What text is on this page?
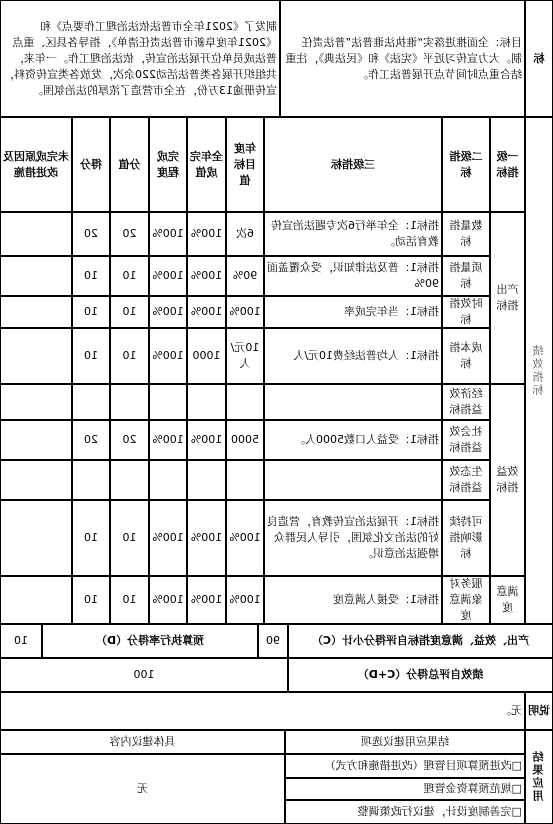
标
目标：全面推进落实“谁执法谁普法”普法责任制。大力宣传习近平《宪法》和《民法典》，注重结合重点时间节点开展普法工作。
制发了《2021年全市普法依法治理工作要点》和《2021年度阜新市普法责任清单》，指导各县区、重点普法成员单位开展法治宣传，依法治理工作。一年来，共组织开展各类普法活动220余次，发放各类宣传资料，宣传册逾13万份，在全市营造了浓厚的法治氛围。
绩效指标
一级指标
二级指标
三级指标
年度目标值
全年完成值
完成程度
分值
得分
未完成原因及改进措施
产出指标
效益指标
满意度
数量指标
指标1：全年举行6次专题法治宣传教育活动。
6次
100%
100%
20
20
质量指标
指标1：普及法律知识，受众覆盖面90%
90%
100%
100%
10
10
时效指标
指标1：当年完成率
100%
100%
100%
10
10
成本指标
指标1：人均普法经费10元/人
10元/人
1000
100%
10
10
经济效益指标
社会效益指标
指标1：受益人口数5000人。
5000
100%
100%
20
20
生态效益指标
可持续影响指标
指标1：开展法治宣传教育，营造良好的法治文化氛围，引导人民群众增强法治意识。
100%
100%
100%
10
10
服务对象满意度
指标1：受援人满意度
100%
100%
100%
10
10
产出、效益、满意度指标自评得分小计（C）
90
预算执行率得分（D）
10
绩效自评总得分（C+D）
100
说明
无。
结果应用
结果应用建议选项
具体建议内容
□改进预算项目管理（改进措施和方式）
□规范预算资金管理
□完善制度设计，建议行政策调整
无
